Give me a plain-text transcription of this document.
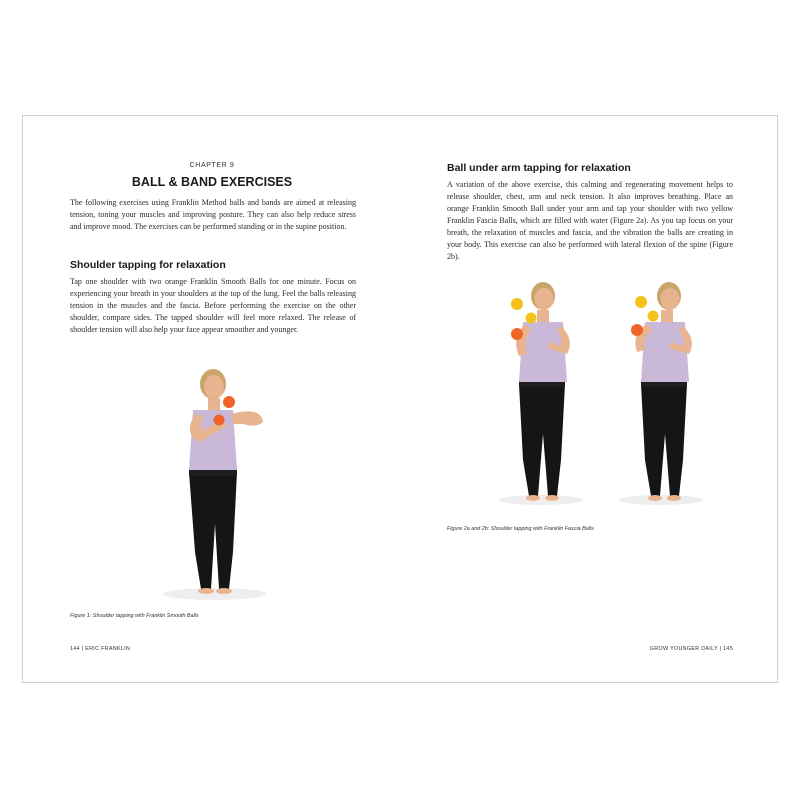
CHAPTER 9
BALL & BAND EXERCISES

The following exercises using Franklin Method balls and bands are aimed at releasing tension, toning your muscles and improving posture. They can also help reduce stress and improve mood. The exercises can be performed standing or in the supine position.

Shoulder tapping for relaxation

Tap one shoulder with two orange Franklin Smooth Balls for one minute. Focus on experiencing your breath in your shoulders at the top of the lung. Feel the balls releasing tension in the muscles and the fascia. Before performing the exercise on the other shoulder, compare sides. The tapped shoulder will feel more relaxed. The release of shoulder tension will also help your face appear smoother and younger.

Figure 1: Shoulder tapping with Franklin Smooth Balls
144 | ERIC FRANKLIN
Ball under arm tapping for relaxation

A variation of the above exercise, this calming and regenerating movement helps to release shoulder, chest, arm and neck tension. It also improves breathing. Place an orange Franklin Smooth Ball under your arm and tap your shoulder with two yellow Franklin Fascia Balls, which are filled with water (Figure 2a). As you tap focus on your breath, the relaxation of muscles and fascia, and the vibration the balls are creating in your body. This exercise can also be performed with lateral flexion of the spine (Figure 2b).

Figure 2a and 2b: Shoulder tapping with Franklin Fascia Balls
GROW YOUNGER DAILY | 145
